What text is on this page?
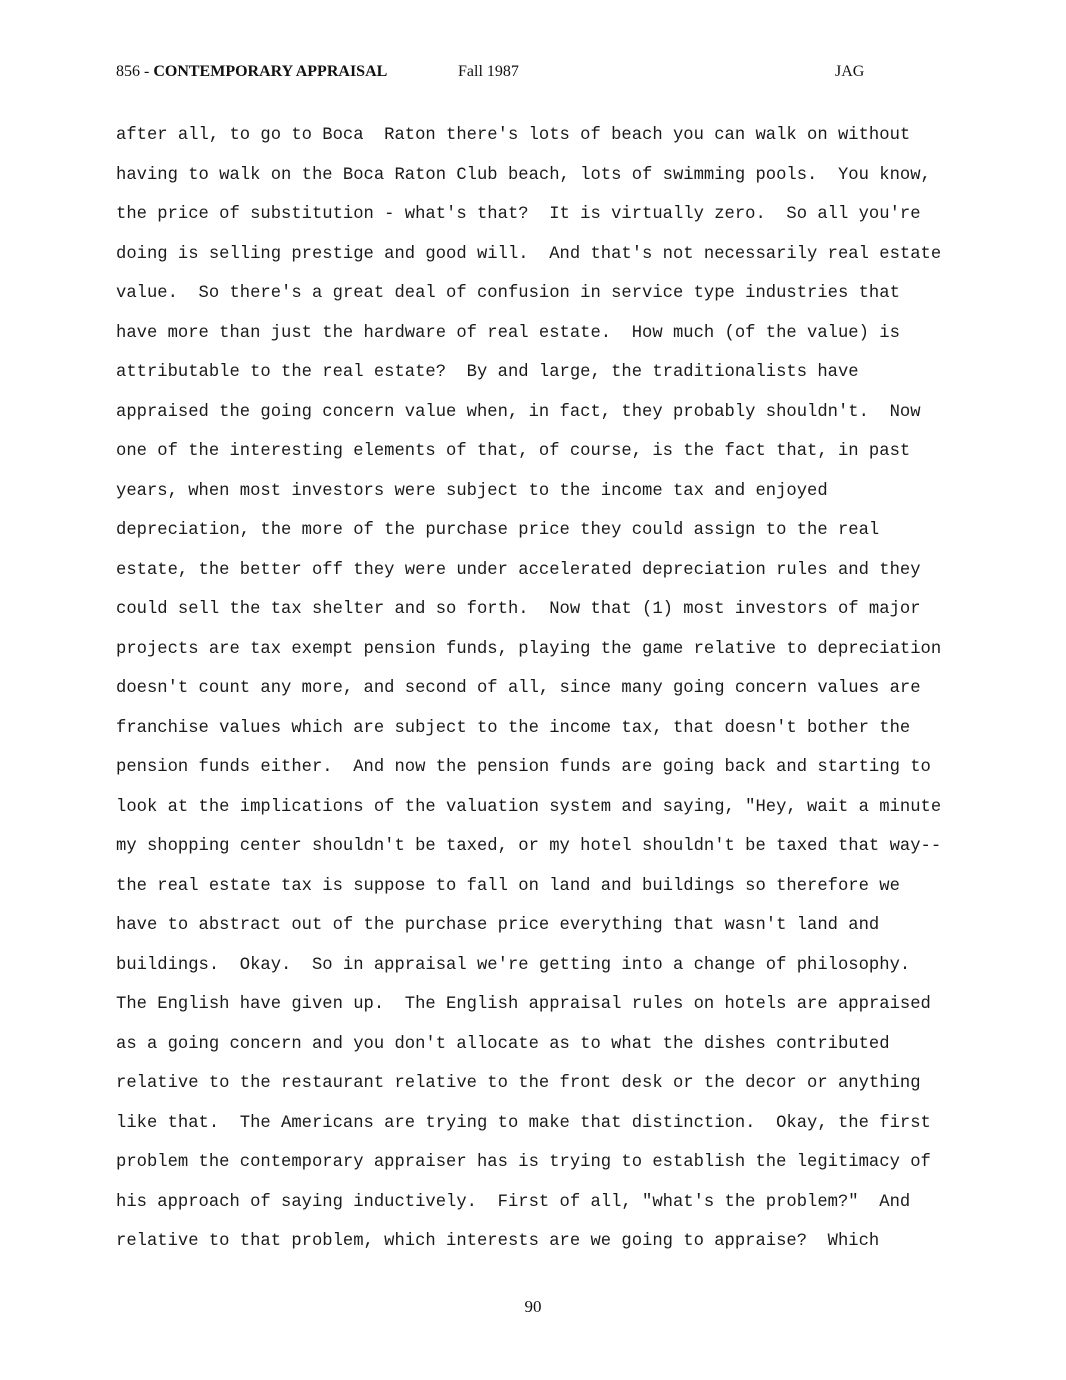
856 - CONTEMPORARY APPRAISAL	Fall 1987	JAG
after all, to go to Boca  Raton there's lots of beach you can walk on without
having to walk on the Boca Raton Club beach, lots of swimming pools.  You know,
the price of substitution - what's that?  It is virtually zero.  So all you're
doing is selling prestige and good will.  And that's not necessarily real estate
value.  So there's a great deal of confusion in service type industries that
have more than just the hardware of real estate.  How much (of the value) is
attributable to the real estate?  By and large, the traditionalists have
appraised the going concern value when, in fact, they probably shouldn't.  Now
one of the interesting elements of that, of course, is the fact that, in past
years, when most investors were subject to the income tax and enjoyed
depreciation, the more of the purchase price they could assign to the real
estate, the better off they were under accelerated depreciation rules and they
could sell the tax shelter and so forth.  Now that (1) most investors of major
projects are tax exempt pension funds, playing the game relative to depreciation
doesn't count any more, and second of all, since many going concern values are
franchise values which are subject to the income tax, that doesn't bother the
pension funds either.  And now the pension funds are going back and starting to
look at the implications of the valuation system and saying, "Hey, wait a minute
my shopping center shouldn't be taxed, or my hotel shouldn't be taxed that way--
the real estate tax is suppose to fall on land and buildings so therefore we
have to abstract out of the purchase price everything that wasn't land and
buildings.  Okay.  So in appraisal we're getting into a change of philosophy.
The English have given up.  The English appraisal rules on hotels are appraised
as a going concern and you don't allocate as to what the dishes contributed
relative to the restaurant relative to the front desk or the decor or anything
like that.  The Americans are trying to make that distinction.  Okay, the first
problem the contemporary appraiser has is trying to establish the legitimacy of
his approach of saying inductively.  First of all, "what's the problem?"  And
relative to that problem, which interests are we going to appraise?  Which
90
